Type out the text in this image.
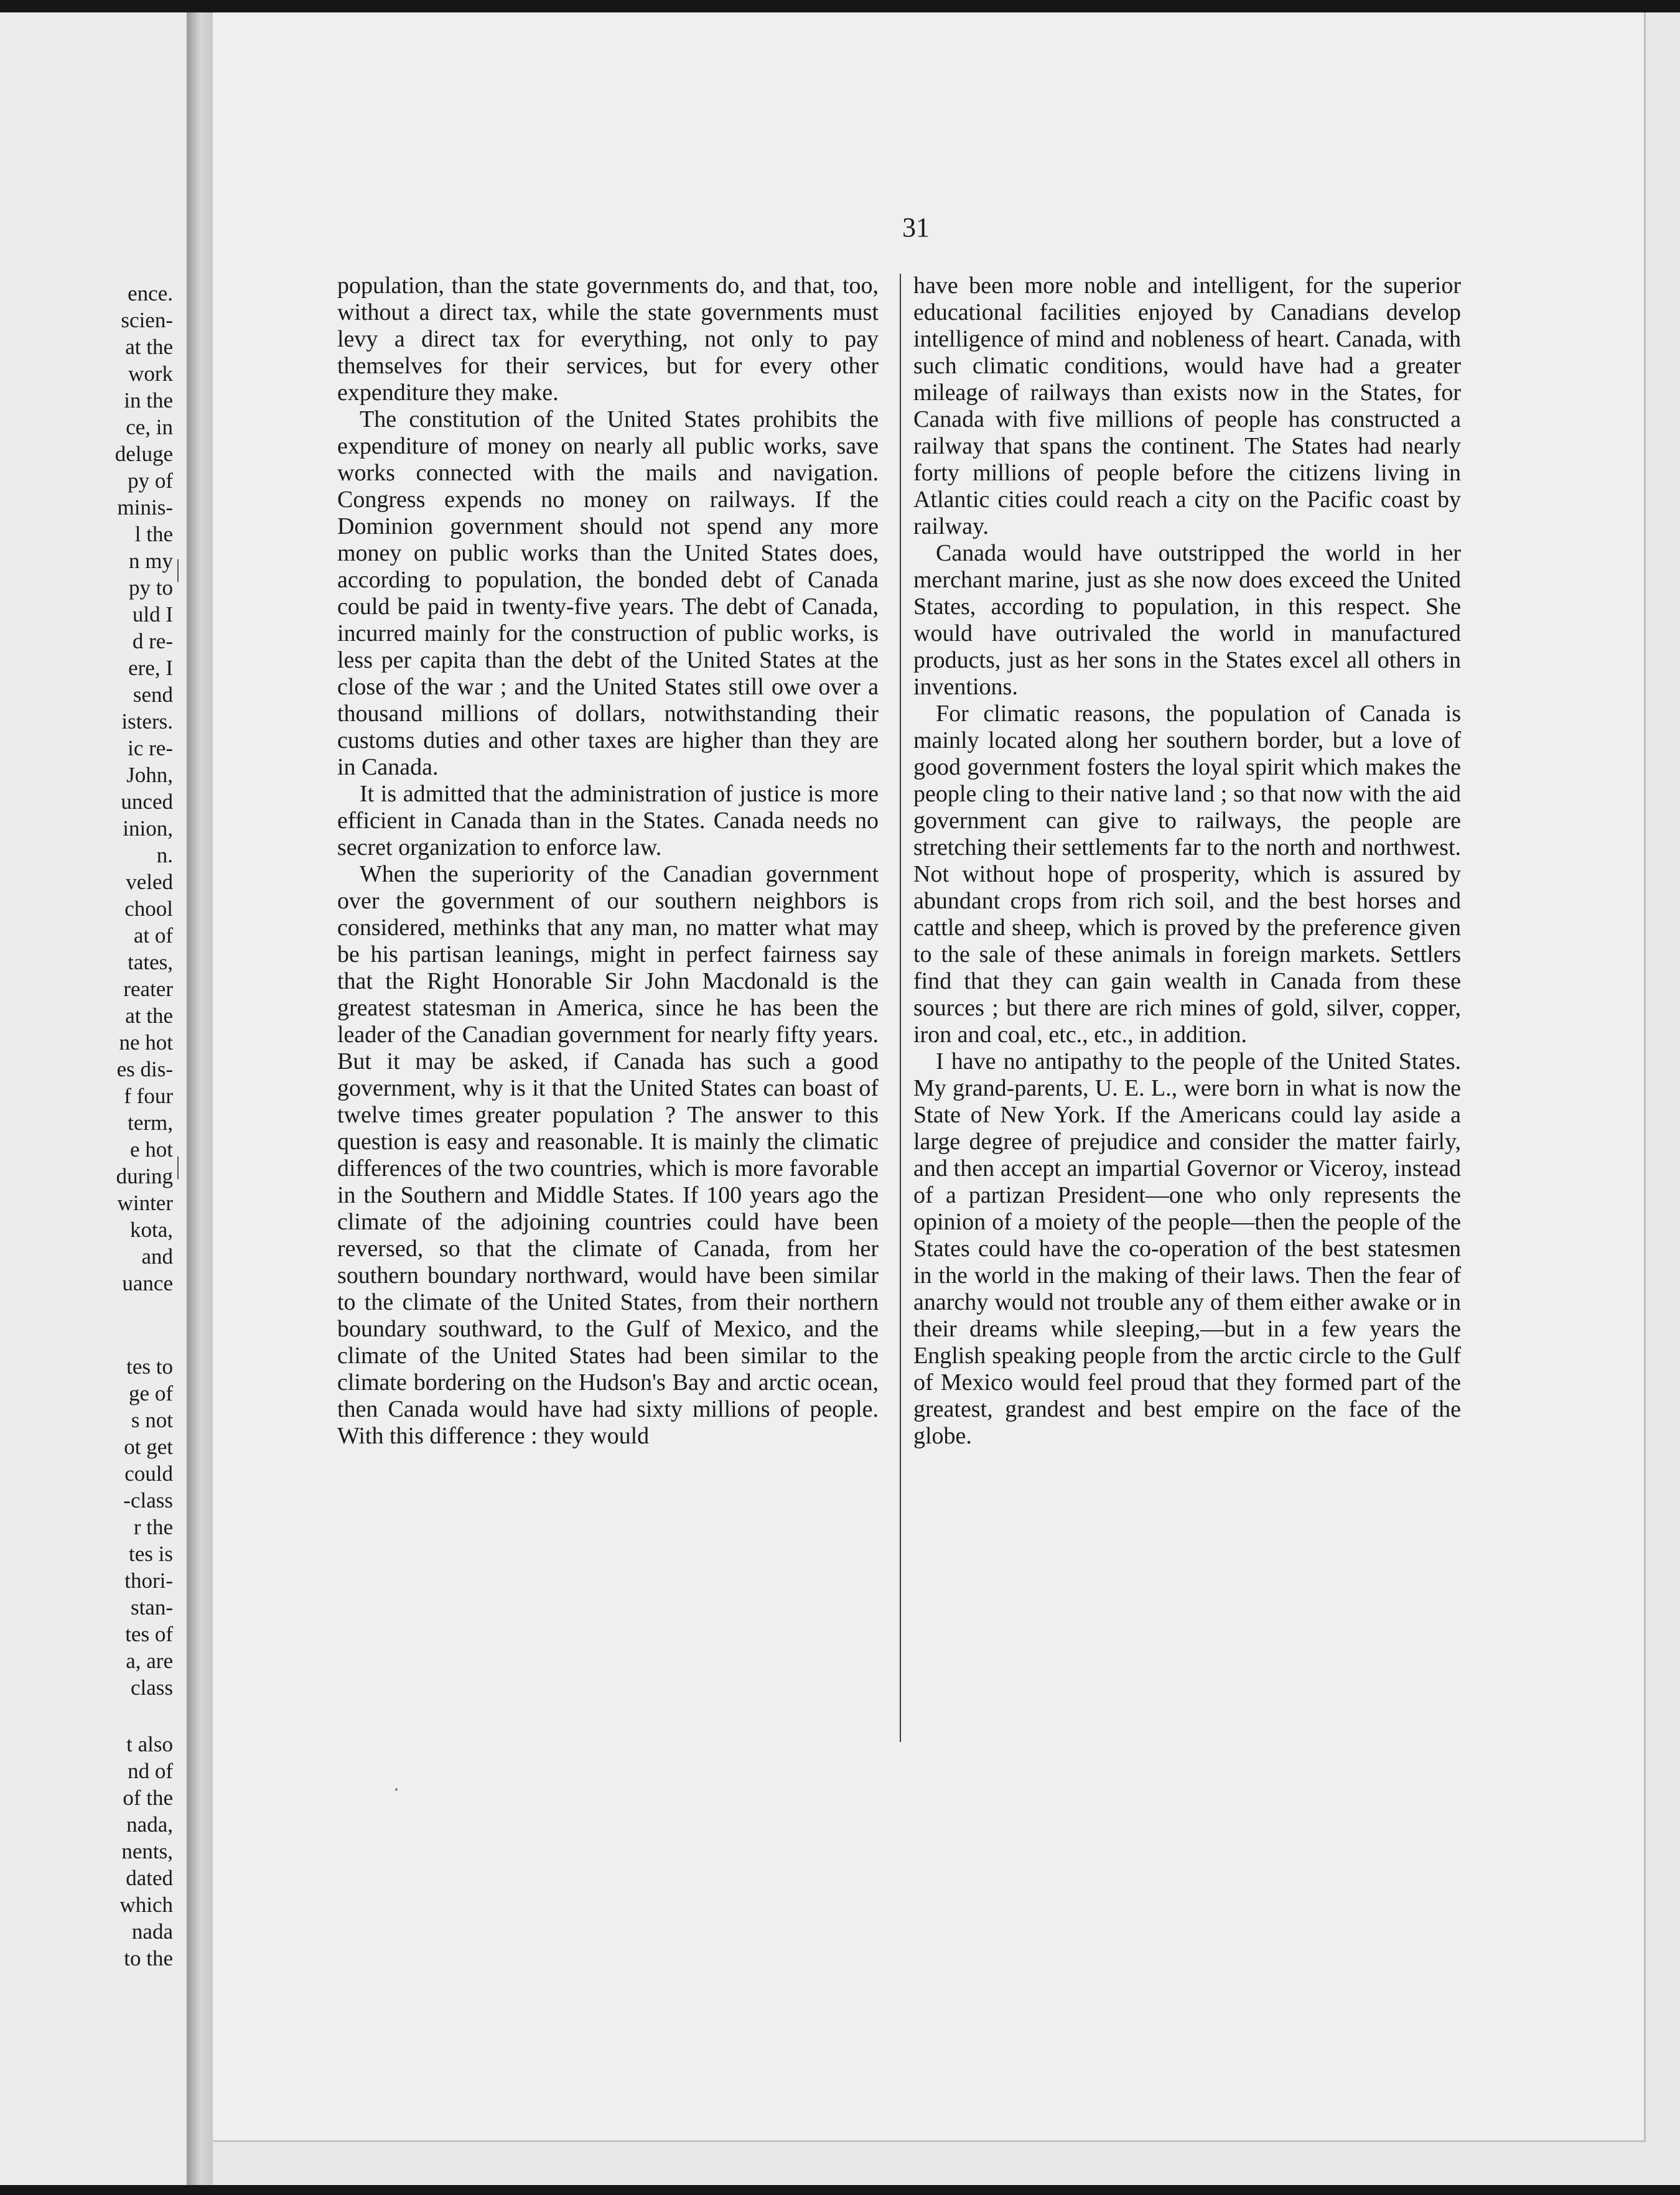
ence.
scien-
at the
work
in the
ce, in
deluge
py of
minis-
l the
n my
py to
uld I
d re-
ere, I
send
isters.
ic re-
John,
unced
inion,
n.
veled
chool
at of
tates,
reater
at the
ne hot
es dis-
f four
term,
e hot
during
winter
kota,
and
uance
tes to
ge of
s not
ot get
could
-class
r the
tes is
thori-
stan-
tes of
a, are
class
t also
nd of
of the
nada,
nents,
dated
which
nada
to the
31

population, than the state governments do, and that, too, without a direct tax, while the state governments must levy a direct tax for everything, not only to pay themselves for their services, but for every other expenditure they make.

The constitution of the United States prohibits the expenditure of money on nearly all public works, save works connected with the mails and navigation. Congress expends no money on railways. If the Dominion government should not spend any more money on public works than the United States does, according to population, the bonded debt of Canada could be paid in twenty-five years. The debt of Canada, incurred mainly for the construction of public works, is less per capita than the debt of the United States at the close of the war ; and the United States still owe over a thousand millions of dollars, notwithstanding their customs duties and other taxes are higher than they are in Canada.

It is admitted that the administration of justice is more efficient in Canada than in the States. Canada needs no secret organization to enforce law.

When the superiority of the Canadian government over the government of our southern neighbors is considered, methinks that any man, no matter what may be his partisan leanings, might in perfect fairness say that the Right Honorable Sir John Macdonald is the greatest statesman in America, since he has been the leader of the Canadian government for nearly fifty years. But it may be asked, if Canada has such a good government, why is it that the United States can boast of twelve times greater population ? The answer to this question is easy and reasonable. It is mainly the climatic differences of the two countries, which is more favorable in the Southern and Middle States. If 100 years ago the climate of the adjoining countries could have been reversed, so that the climate of Canada, from her southern boundary northward, would have been similar to the climate of the United States, from their northern boundary southward, to the Gulf of Mexico, and the climate of the United States had been similar to the climate bordering on the Hudson's Bay and arctic ocean, then Canada would have had sixty millions of people. With this difference : they would

have been more noble and intelligent, for the superior educational facilities enjoyed by Canadians develop intelligence of mind and nobleness of heart. Canada, with such climatic conditions, would have had a greater mileage of railways than exists now in the States, for Canada with five millions of people has constructed a railway that spans the continent. The States had nearly forty millions of people before the citizens living in Atlantic cities could reach a city on the Pacific coast by railway.

Canada would have outstripped the world in her merchant marine, just as she now does exceed the United States, according to population, in this respect. She would have outrivaled the world in manufactured products, just as her sons in the States excel all others in inventions.

For climatic reasons, the population of Canada is mainly located along her southern border, but a love of good government fosters the loyal spirit which makes the people cling to their native land ; so that now with the aid government can give to railways, the people are stretching their settlements far to the north and northwest. Not without hope of prosperity, which is assured by abundant crops from rich soil, and the best horses and cattle and sheep, which is proved by the preference given to the sale of these animals in foreign markets. Settlers find that they can gain wealth in Canada from these sources ; but there are rich mines of gold, silver, copper, iron and coal, etc., etc., in addition.

I have no antipathy to the people of the United States. My grand-parents, U. E. L., were born in what is now the State of New York. If the Americans could lay aside a large degree of prejudice and consider the matter fairly, and then accept an impartial Governor or Viceroy, instead of a partizan President—one who only represents the opinion of a moiety of the people—then the people of the States could have the co-operation of the best statesmen in the world in the making of their laws. Then the fear of anarchy would not trouble any of them either awake or in their dreams while sleeping,—but in a few years the English speaking people from the arctic circle to the Gulf of Mexico would feel proud that they formed part of the greatest, grandest and best empire on the face of the globe.

|
|
·
